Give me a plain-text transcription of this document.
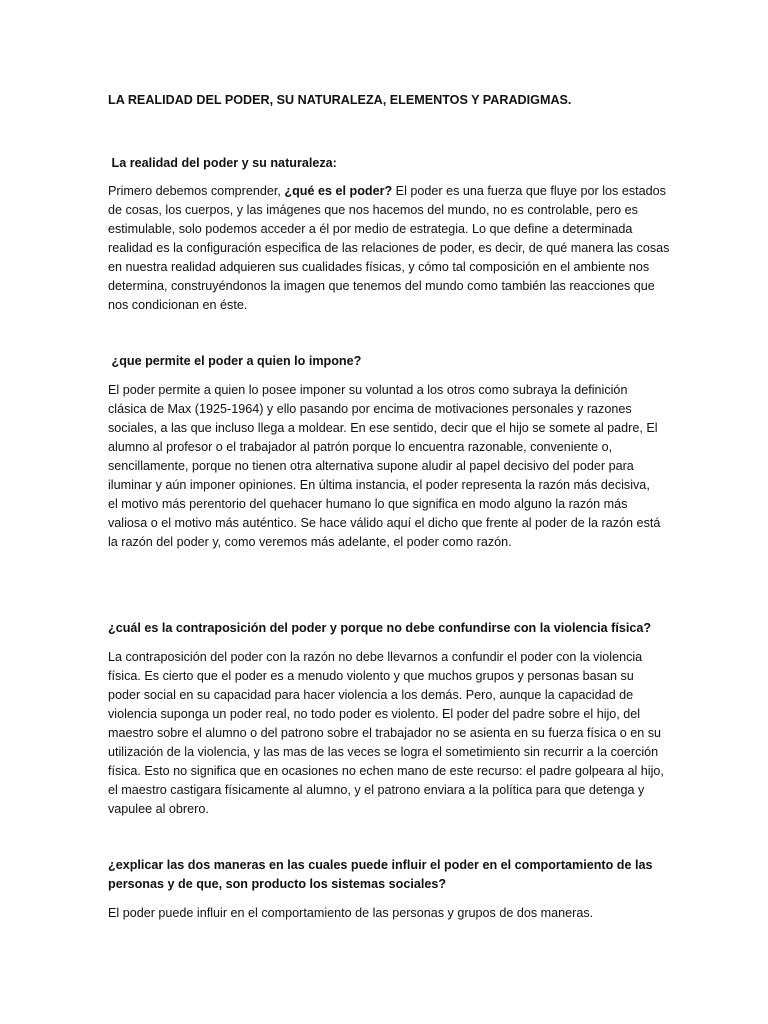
LA REALIDAD DEL PODER, SU NATURALEZA, ELEMENTOS Y PARADIGMAS.
La realidad del poder y su naturaleza:
Primero debemos comprender, ¿qué es el poder? El poder es una fuerza que fluye por los estados
de cosas, los cuerpos, y las imágenes que nos hacemos del mundo, no es controlable, pero es
estimulable, solo podemos acceder a él por medio de estrategia. Lo que define a determinada
realidad es la configuración especifica de las relaciones de poder, es decir, de qué manera las cosas
en nuestra realidad adquieren sus cualidades físicas, y cómo tal composición en el ambiente nos
determina, construyéndonos la imagen que tenemos del mundo como también las reacciones que
nos condicionan en éste.
¿que permite el poder a quien lo impone?
El poder permite a quien lo posee imponer su voluntad a los otros como subraya la definición
clásica de Max (1925-1964) y ello pasando por encima de motivaciones personales y razones
sociales, a las que incluso llega a moldear. En ese sentido, decir que el hijo se somete al padre, El
alumno al profesor o el trabajador al patrón porque lo encuentra razonable, conveniente o,
sencillamente, porque no tienen otra alternativa supone aludir al papel decisivo del poder para
iluminar y aún imponer opiniones. En última instancia, el poder representa la razón más decisiva,
el motivo más perentorio del quehacer humano lo que significa en modo alguno la razón más
valiosa o el motivo más auténtico. Se hace válido aquí el dicho que frente al poder de la razón está
la razón del poder y, como veremos más adelante, el poder como razón.
¿cuál es la contraposición del poder y porque no debe confundirse con la violencia física?
La contraposición del poder con la razón no debe llevarnos a confundir el poder con la violencia
física. Es cierto que el poder es a menudo violento y que muchos grupos y personas basan su
poder social en su capacidad para hacer violencia a los demás. Pero, aunque la capacidad de
violencia suponga un poder real, no todo poder es violento. El poder del padre sobre el hijo, del
maestro sobre el alumno o del patrono sobre el trabajador no se asienta en su fuerza física o en su
utilización de la violencia, y las mas de las veces se logra el sometimiento sin recurrir a la coerción
física. Esto no significa que en ocasiones no echen mano de este recurso: el padre golpeara al hijo,
el maestro castigara físicamente al alumno, y el patrono enviara a la política para que detenga y
vapulee al obrero.
¿explicar las dos maneras en las cuales puede influir el poder en el comportamiento de las
personas y de que, son producto los sistemas sociales?
El poder puede influir en el comportamiento de las personas y grupos de dos maneras.
